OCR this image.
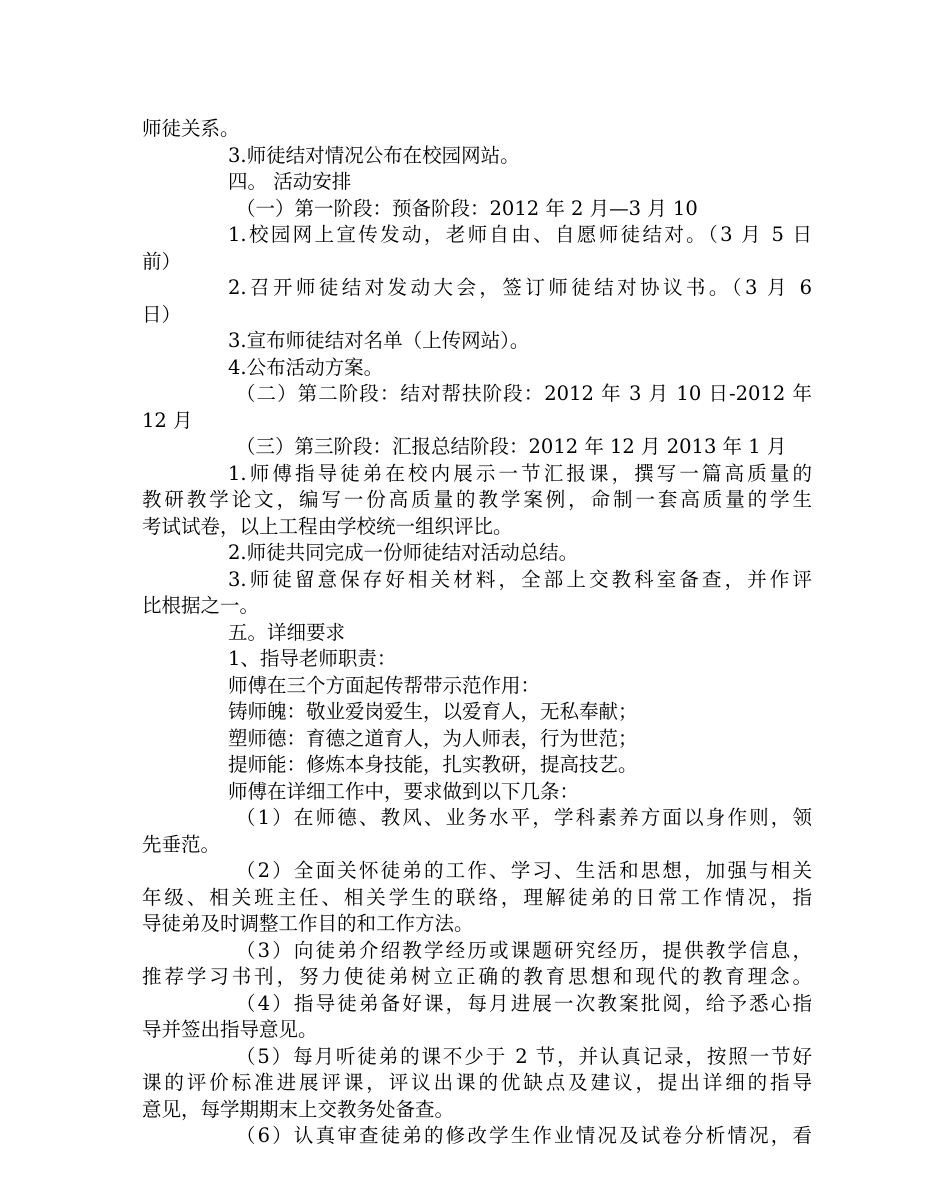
师徒关系。
3.师徒结对情况公布在校园网站。
四。 活动安排
（一）第一阶段：预备阶段：2012 年 2 月—3 月 10
1.校园网上宣传发动，老师自由、自愿师徒结对。（3 月 5 日
前）
2.召开师徒结对发动大会，签订师徒结对协议书。（3 月 6
日）
3.宣布师徒结对名单（上传网站）。
4.公布活动方案。
（二）第二阶段：结对帮扶阶段：2012 年 3 月 10 日-2012 年
12 月
（三）第三阶段：汇报总结阶段：2012 年 12 月 2013 年 1 月
1.师傅指导徒弟在校内展示一节汇报课，撰写一篇高质量的
教研教学论文，编写一份高质量的教学案例，命制一套高质量的学生
考试试卷，以上工程由学校统一组织评比。
2.师徒共同完成一份师徒结对活动总结。
3.师徒留意保存好相关材料，全部上交教科室备查，并作评
比根据之一。
五。详细要求
1、指导老师职责：
师傅在三个方面起传帮带示范作用：
铸师魄：敬业爱岗爱生，以爱育人，无私奉献；
塑师德：育德之道育人，为人师表，行为世范；
提师能：修炼本身技能，扎实教研，提高技艺。
师傅在详细工作中，要求做到以下几条：
（1）在师德、教风、业务水平，学科素养方面以身作则，领
先垂范。
（2）全面关怀徒弟的工作、学习、生活和思想，加强与相关
年级、相关班主任、相关学生的联络，理解徒弟的日常工作情况，指
导徒弟及时调整工作目的和工作方法。
（3）向徒弟介绍教学经历或课题研究经历，提供教学信息，
推荐学习书刊，努力使徒弟树立正确的教育思想和现代的教育理念。
（4）指导徒弟备好课，每月进展一次教案批阅，给予悉心指
导并签出指导意见。
（5）每月听徒弟的课不少于 2 节，并认真记录，按照一节好
课的评价标准进展评课，评议出课的优缺点及建议，提出详细的指导
意见，每学期期末上交教务处备查。
（6）认真审查徒弟的修改学生作业情况及试卷分析情况，看
